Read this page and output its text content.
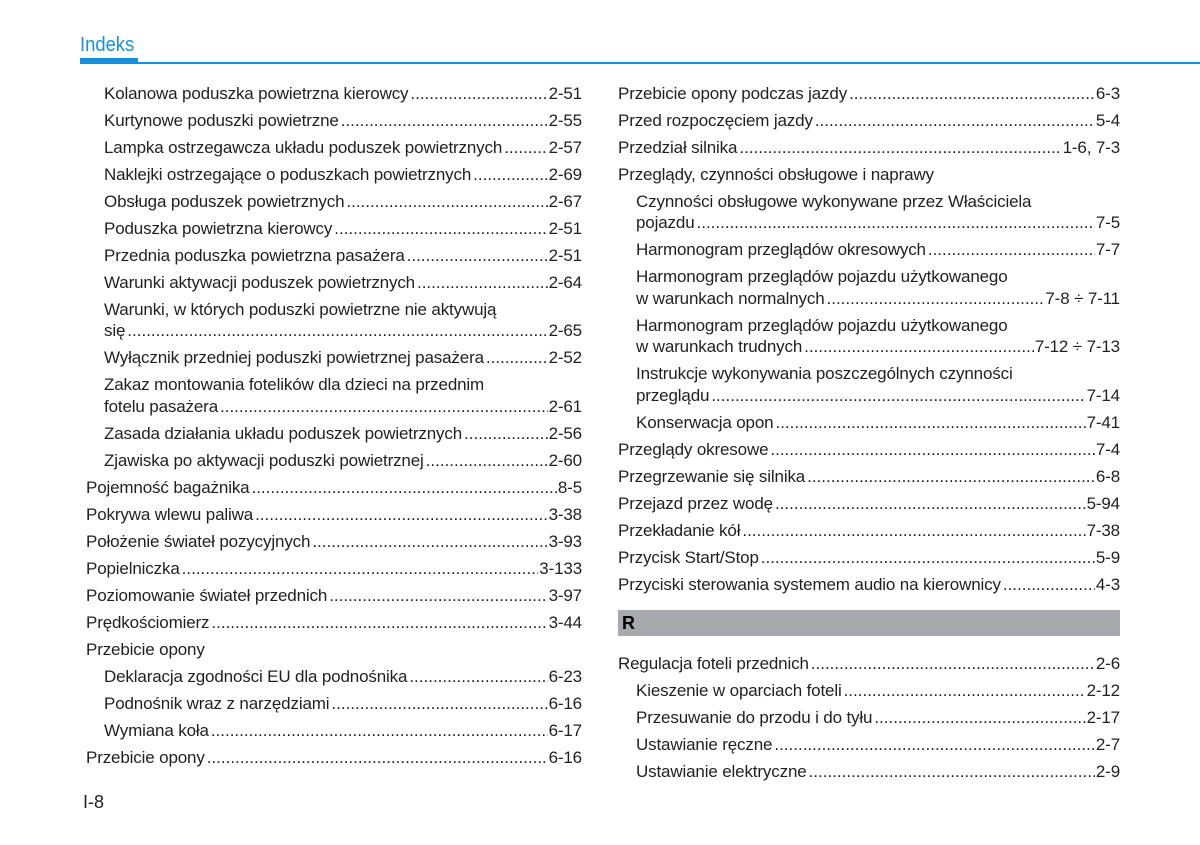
Indeks
Kolanowa poduszka powietrzna kierowcy .....	2-51
Kurtynowe poduszki powietrzne .....	2-55
Lampka ostrzegawcza układu poduszek powietrznych .....	2-57
Naklejki ostrzegające o poduszkach powietrznych .....	2-69
Obsługa poduszek powietrznych .....	2-67
Poduszka powietrzna kierowcy .....	2-51
Przednia poduszka powietrzna pasażera .....	2-51
Warunki aktywacji poduszek powietrznych .....	2-64
Warunki, w których poduszki powietrzne nie aktywują
się .....	2-65
Wyłącznik przedniej poduszki powietrznej pasażera .....	2-52
Zakaz montowania fotelików dla dzieci na przednim
fotelu pasażera .....	2-61
Zasada działania układu poduszek powietrznych .....	2-56
Zjawiska po aktywacji poduszki powietrznej .....	2-60
Pojemność bagażnika .....	8-5
Pokrywa wlewu paliwa .....	3-38
Położenie świateł pozycyjnych .....	3-93
Popielniczka .....	3-133
Poziomowanie świateł przednich .....	3-97
Prędkościomierz .....	3-44
Przebicie opony
Deklaracja zgodności EU dla podnośnika .....	6-23
Podnośnik wraz z narzędziami .....	6-16
Wymiana koła .....	6-17
Przebicie opony .....	6-16
Przebicie opony podczas jazdy .....	6-3
Przed rozpoczęciem jazdy .....	5-4
Przedział silnika .....	1-6, 7-3
Przeglądy, czynności obsługowe i naprawy
Czynności obsługowe wykonywane przez Właściciela
pojazdu .....	7-5
Harmonogram przeglądów okresowych .....	7-7
Harmonogram przeglądów pojazdu użytkowanego
w warunkach normalnych .....	7-8 ÷ 7-11
Harmonogram przeglądów pojazdu użytkowanego
w warunkach trudnych .....	7-12 ÷ 7-13
Instrukcje wykonywania poszczególnych czynności
przeglądu .....	7-14
Konserwacja opon .....	7-41
Przeglądy okresowe .....	7-4
Przegrzewanie się silnika .....	6-8
Przejazd przez wodę .....	5-94
Przekładanie kół .....	7-38
Przycisk Start/Stop .....	5-9
Przyciski sterowania systemem audio na kierownicy .....	4-3
R
Regulacja foteli przednich .....	2-6
Kieszenie w oparciach foteli .....	2-12
Przesuwanie do przodu i do tyłu .....	2-17
Ustawianie ręczne .....	2-7
Ustawianie elektryczne .....	2-9
I-8
